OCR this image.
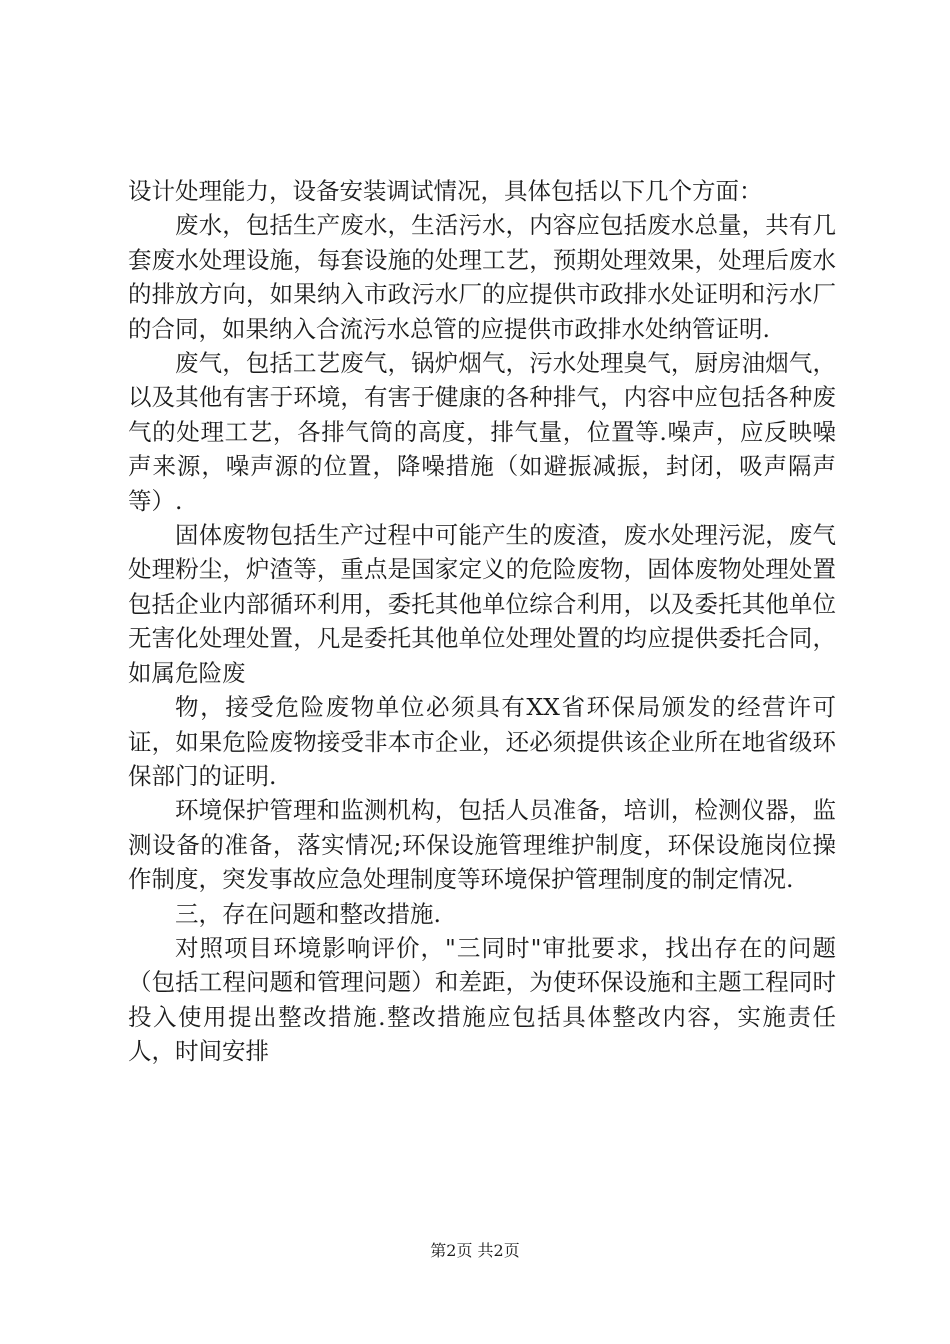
设计处理能力，设备安装调试情况，具体包括以下几个方面：

废水，包括生产废水，生活污水，内容应包括废水总量，共有几套废水处理设施，每套设施的处理工艺，预期处理效果，处理后废水的排放方向，如果纳入市政污水厂的应提供市政排水处证明和污水厂的合同，如果纳入合流污水总管的应提供市政排水处纳管证明.

废气，包括工艺废气，锅炉烟气，污水处理臭气，厨房油烟气，以及其他有害于环境，有害于健康的各种排气，内容中应包括各种废气的处理工艺，各排气筒的高度，排气量，位置等.噪声，应反映噪声来源，噪声源的位置，降噪措施（如避振减振，封闭，吸声隔声等）.

固体废物包括生产过程中可能产生的废渣，废水处理污泥，废气处理粉尘，炉渣等，重点是国家定义的危险废物，固体废物处理处置包括企业内部循环利用，委托其他单位综合利用，以及委托其他单位无害化处理处置，凡是委托其他单位处理处置的均应提供委托合同，如属危险废

物，接受危险废物单位必须具有XX省环保局颁发的经营许可证，如果危险废物接受非本市企业，还必须提供该企业所在地省级环保部门的证明.

环境保护管理和监测机构，包括人员准备，培训，检测仪器，监测设备的准备，落实情况;环保设施管理维护制度，环保设施岗位操作制度，突发事故应急处理制度等环境保护管理制度的制定情况.

三，存在问题和整改措施.

对照项目环境影响评价，"三同时"审批要求，找出存在的问题（包括工程问题和管理问题）和差距，为使环保设施和主题工程同时投入使用提出整改措施.整改措施应包括具体整改内容，实施责任人，时间安排

第2页 共2页
